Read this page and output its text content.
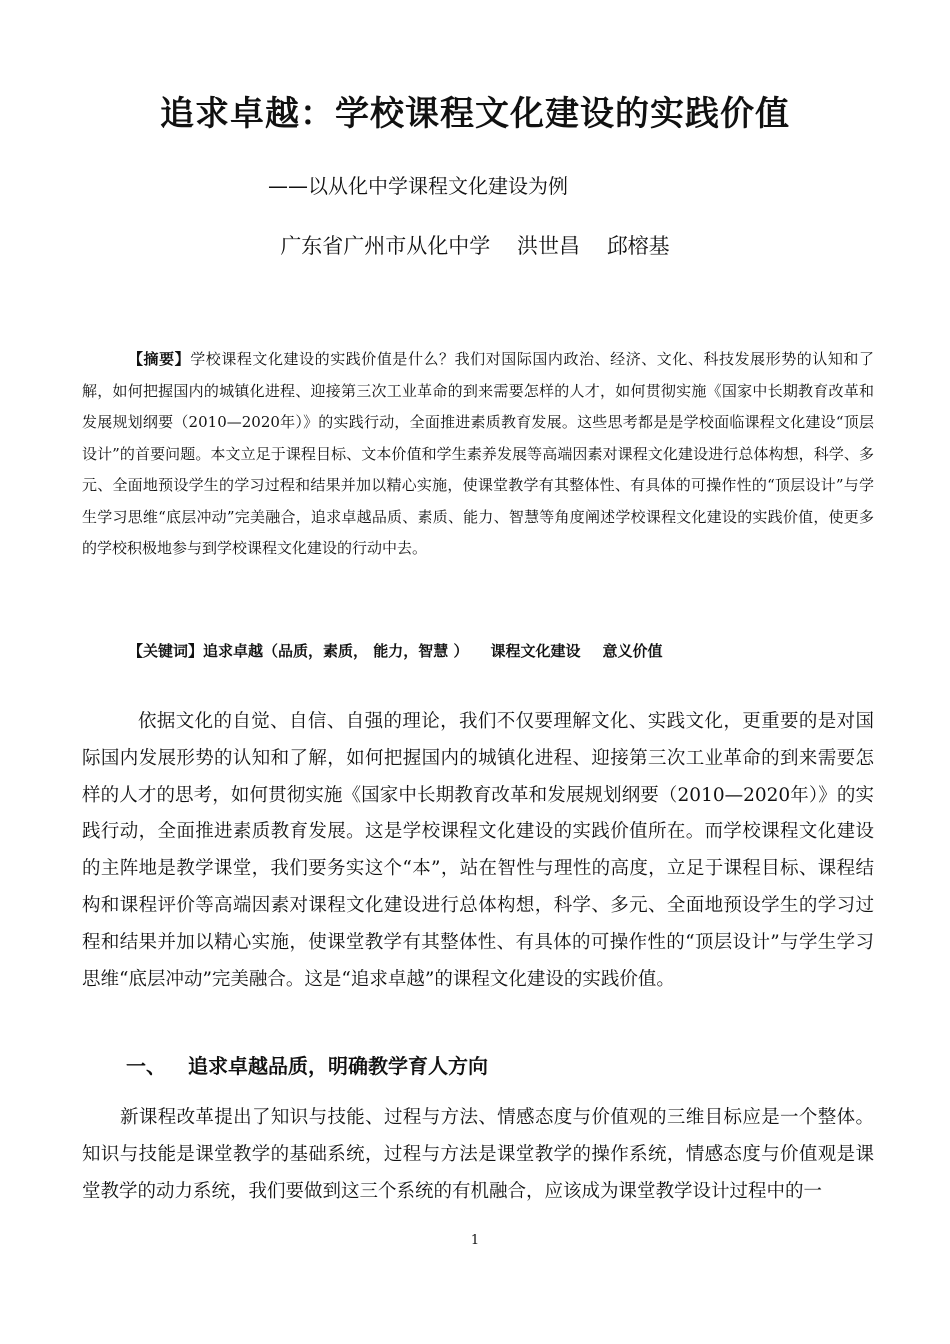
追求卓越：学校课程文化建设的实践价值
——以从化中学课程文化建设为例
广东省广州市从化中学 洪世昌 邱榕基

【摘要】学校课程文化建设的实践价值是什么？我们对国际国内政治、经济、文化、科技发展形势的认知和了解，如何把握国内的城镇化进程、迎接第三次工业革命的到来需要怎样的人才，如何贯彻实施《国家中长期教育改革和发展规划纲要（2010—2020年）》的实践行动，全面推进素质教育发展。这些思考都是是学校面临课程文化建设“顶层设计”的首要问题。本文立足于课程目标、文本价值和学生素养发展等高端因素对课程文化建设进行总体构想，科学、多元、全面地预设学生的学习过程和结果并加以精心实施，使课堂教学有其整体性、有具体的可操作性的“顶层设计”与学生学习思维“底层冲动”完美融合，追求卓越品质、素质、能力、智慧等角度阐述学校课程文化建设的实践价值，使更多的学校积极地参与到学校课程文化建设的行动中去。

【关键词】追求卓越（品质，素质， 能力，智慧 ） 课程文化建设 意义价值

依据文化的自觉、自信、自强的理论，我们不仅要理解文化、实践文化，更重要的是对国际国内发展形势的认知和了解，如何把握国内的城镇化进程、迎接第三次工业革命的到来需要怎样的人才的思考，如何贯彻实施《国家中长期教育改革和发展规划纲要（2010—2020年）》的实践行动，全面推进素质教育发展。这是学校课程文化建设的实践价值所在。而学校课程文化建设的主阵地是教学课堂，我们要务实这个“本”，站在智性与理性的高度，立足于课程目标、课程结构和课程评价等高端因素对课程文化建设进行总体构想，科学、多元、全面地预设学生的学习过程和结果并加以精心实施，使课堂教学有其整体性、有具体的可操作性的“顶层设计”与学生学习思维“底层冲动”完美融合。这是“追求卓越”的课程文化建设的实践价值。

一、 追求卓越品质，明确教学育人方向

新课程改革提出了知识与技能、过程与方法、情感态度与价值观的三维目标应是一个整体。知识与技能是课堂教学的基础系统，过程与方法是课堂教学的操作系统，情感态度与价值观是课堂教学的动力系统，我们要做到这三个系统的有机融合，应该成为课堂教学设计过程中的一

1
